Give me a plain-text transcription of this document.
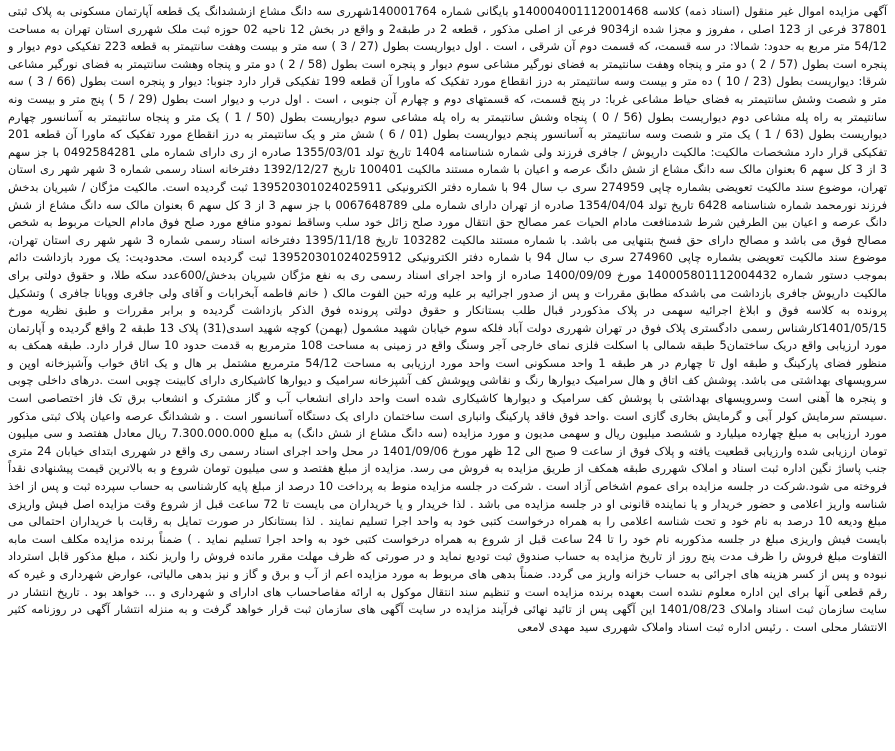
آگهی مزایده اموال غیر منقول (اسناد ذمه) کلاسه 140004001112001468و بایگانی شماره 140001764شهرری سه دانگ مشاع ازششدانگ یک قطعه آپارتمان مسکونی به پلاک ثبتی 37801 فرعی از 123 اصلی ، مفروز و مجزا شده از9034 فرعی از اصلی مذکور ، قطعه 2 در طبقه2 و واقع در بخش 12 ناحیه 02 حوزه ثبت ملک شهرری استان تهران به مساحت 54/12 متر مربع به حدود: شمالا: در سه قسمت، که قسمت دوم آن شرقی ، است . اول دیواریست بطول (27 / 3 ) سه متر و بیست وهفت سانتیمتر به قطعه 223 تفکیکی دوم دیوار و پنجره است بطول (57 / 2 ) دو متر و پنجاه وهفت سانتیمتر به فضای نورگیر مشاعی سوم دیوار و پنجره است بطول (58 / 2 ) دو متر و پنجاه وهشت سانتیمتر به فضای نورگیر مشاعی شرقا: دیواریست بطول (23 / 10 ) ده متر و بیست وسه سانتیمتر به درز انقطاع مورد تفکیک که ماورا آن قطعه 199 تفکیکی قرار دارد جنوبا: دیوار و پنجره است بطول (66 / 3 ) سه متر و شصت وشش سانتیمتر به فضای حیاط مشاعی غربا: در پنج قسمت، که قسمتهای دوم و چهارم آن جنوبی ، است . اول درب و دیوار است بطول (29 / 5 ) پنج متر و بیست ونه سانتیمتر به راه پله مشاعی دوم دیواریست بطول (56 / 0 ) پنجاه وشش سانتیمتر به راه پله مشاعی سوم دیواریست بطول (50 / 1 ) یک متر و پنجاه سانتیمتر به آسانسور چهارم دیواریست بطول (63 / 1 ) یک متر و شصت وسه سانتیمتر به آسانسور پنجم دیواریست بطول (01 / 6 ) شش متر و یک سانتیمتر به درز انقطاع مورد تفکیک که ماورا آن قطعه 201 تفکیکی قرار دارد مشخصات مالکیت: مالکیت داریوش / جافری فرزند ولی شماره شناسنامه 1404 تاریخ تولد 1355/03/01 صادره از ری دارای شماره ملی 0492584281 با جز سهم 3 از 3 کل سهم 6 بعنوان مالک سه دانگ مشاع از شش دانگ عرصه و اعیان با شماره مستند مالکیت 100401 تاریخ 1392/12/27 دفترخانه اسناد رسمی شماره 3 شهر شهر ری استان تهران، موضوع سند مالکیت تعویضی بشماره چاپی 274959 سری ب سال 94 با شماره دفتر الکترونیکی 139520301024025911 ثبت گردیده است. مالکیت مژگان / شیریان بدخش فرزند نورمحمد شماره شناسنامه 6428 تاریخ تولد 1354/04/04 صادره از تهران دارای شماره ملی 0067648789 با جز سهم 3 از 3 کل سهم 6 بعنوان مالک سه دانگ مشاع از شش دانگ عرصه و اعیان بین الطرفین شرط شدمنافعت مادام الحیات عمر مصالح حق انتقال مورد صلح زائل خود سلب وساقط نمودو منافع مورد صلح فوق مادام الحیات مربوط به شخص مصالح فوق می باشد و مصالح دارای حق فسخ بتنهایی می باشد. با شماره مستند مالکیت 103282 تاریخ 1395/11/18 دفترخانه اسناد رسمی شماره 3 شهر شهر ری استان تهران، موضوع سند مالکیت تعویضی بشماره چاپی 274960 سری ب سال 94 با شماره دفتر الکترونیکی 139520301024025912 ثبت گردیده است. محدودیت: یک مورد بازداشت دائم بموجب دستور شماره 140005801112004432 مورخ 1400/09/09 صادره از واحد اجرای اسناد رسمی ری به نفع مژگان شیریان بدخش/600عدد سکه طلا، و حقوق دولتی برای مالکیت داریوش جافری بازداشت می باشدکه مطابق مقررات و پس از صدور اجرائیه بر علیه ورثه حین الفوت مالک ( خانم فاطمه آبخرابات و آقای ولی جافری وویانا جافری ) وتشکیل پرونده به کلاسه فوق و ابلاغ اجرائیه سهمی در پلاک مذکوردر قبال طلب بستانکار و حقوق دولتی پرونده فوق الذکر بازداشت گردیده و برابر مقررات و طبق نظریه مورخ 1401/05/15کارشناس رسمی دادگستری پلاک فوق در تهران شهرری دولت آباد فلکه سوم خیابان شهید مشمول (بهمن) کوچه شهید اسدی(31) پلاک 13 طبقه 2 واقع گردیده و آپارتمان مورد ارزیابی واقع دریک ساختمان5 طبقه شمالی با اسکلت فلزی نمای خارجی آجر وسنگ واقع در زمینی به مساحت 108 مترمربع به قدمت حدود 10 سال قرار دارد. طبقه همکف به منظور فضای پارکینگ و طبقه اول تا چهارم در هر طبقه 1 واحد مسکونی است واحد مورد ارزیابی به مساحت 54/12 مترمربع مشتمل بر هال و یک اتاق خواب وآشپزخانه اوپن و سرویسهای بهداشتی می باشد. پوشش کف اتاق و هال سرامیک دیوارها رنگ و نقاشی وپوشش کف آشپزخانه سرامیک و دیوارها کاشیکاری دارای کابینت چوبی است .درهای داخلی چوبی و پنجره ها آهنی است وسرویسهای بهداشتی با پوشش کف سرامیک و دیوارها کاشیکاری شده است واحد دارای انشعاب آب و گاز مشترک و انشعاب برق تک فاز اختصاصی است .سیستم سرمایش کولر آبی و گرمایش بخاری گازی است .واحد فوق فاقد پارکینگ وانباری است ساختمان دارای یک دستگاه آسانسور است . و ششدانگ عرصه واعیان پلاک ثبتی مذکور مورد ارزیابی به مبلغ چهارده میلیارد و ششصد میلیون ریال و سهمی مدیون و مورد مزایده (سه دانگ مشاع از شش دانگ) به مبلغ 7.300.000.000 ریال معادل هفتصد و سی میلیون تومان ارزیابی شده وارزیابی قطعیت یافته و پلاک فوق از ساعت 9 صبح الی 12 ظهر مورخ 1401/09/06 در محل واحد اجرای اسناد رسمی ری واقع در شهرری ابتدای خیابان 24 متری جنب پاساژ نگین اداره ثبت اسناد و املاک شهرری طبقه همکف از طریق مزایده به فروش می رسد. مزایده از مبلغ هفتصد و سی میلیون تومان شروع و به بالاترین قیمت پیشنهادی نقداً فروخته می شود.شرکت در جلسه مزایده برای عموم اشخاص آزاد است . شرکت در جلسه مزایده منوط به پرداخت 10 درصد از مبلغ پایه کارشناسی به حساب سپرده ثبت و پس از اخذ شناسه واریز اعلامی و حضور خریدار و یا نماینده قانونی او در جلسه مزایده می باشد . لذا خریدار و یا خریداران می بایست تا 72 ساعت قبل از شروع وقت مزایده اصل فیش واریزی مبلغ ودیعه 10 درصد به نام خود و تحت شناسه اعلامی را به همراه درخواست کتبی خود به واحد اجرا تسلیم نمایند . لذا بستانکار در صورت تمایل به رقابت با خریداران احتمالی می بایست فیش واریزی مبلغ در جلسه مذکوربه نام خود را تا 24 ساعت قبل از شروع به همراه درخواست کتبی خود به واحد اجرا تسلیم نماید . ) ضمناً برنده مزایده مکلف است مابه التفاوت مبلغ فروش را ظرف مدت پنج روز از تاریخ مزایده به حساب صندوق ثبت تودیع نماید و در صورتی که ظرف مهلت مقرر مانده فروش را واریز نکند ، مبلغ مذکور قابل استرداد نبوده و پس از کسر هزینه های اجرائی به حساب خزانه واریز می گردد. ضمناً بدهی های مربوط به مورد مزایده اعم از آب و برق و گاز و نیز بدهی مالیاتی، عوارض شهرداری و غیره که رقم قطعی آنها برای این اداره معلوم نشده است بعهده برنده مزایده است و تنظیم سند انتقال موکول به ارائه مفاصاحساب های ادارای و شهرداری و ... خواهد بود . تاریخ انتشار در سایت سازمان ثبت اسناد واملاک 1401/08/23 این آگهی پس از تائید نهائی فرآیند مزایده در سایت آگهی های سازمان ثبت قرار خواهد گرفت و به منزله انتشار آگهی در روزنامه کثیر الانتشار محلی است . رئیس اداره ثبت اسناد واملاک شهرری سید مهدی لامعی
